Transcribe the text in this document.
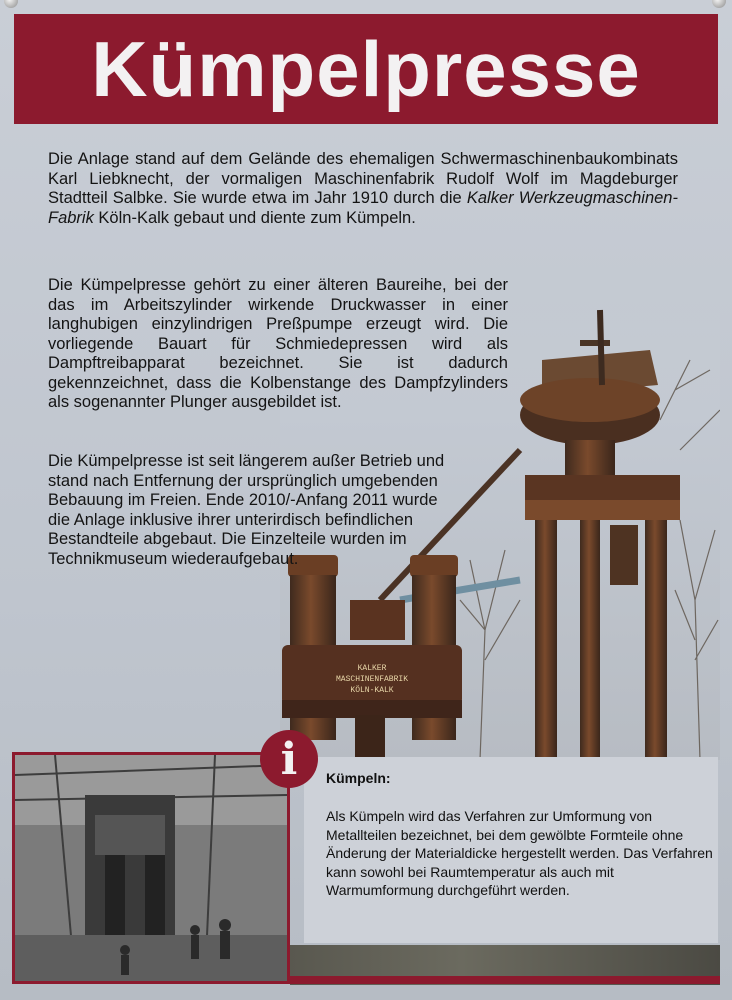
Kümpelpresse
KALKER
MASCHINENFABRIK
KÖLN-KALK

Die Anlage stand auf dem Gelände des ehemaligen Schwermaschinenbaukombinats Karl Liebknecht, der vormaligen Maschinenfabrik Rudolf Wolf im Magdeburger Stadtteil Salbke. Sie wurde etwa im Jahr 1910 durch die Kalker Werkzeugmaschinen-Fabrik Köln-Kalk gebaut und diente zum Kümpeln.

Die Kümpelpresse gehört zu einer älteren Baureihe, bei der das im Arbeitszylinder wirkende Druckwasser in einer langhubigen einzylindrigen Preßpumpe erzeugt wird. Die vorliegende Bauart für Schmiedepressen wird als Dampftreibapparat bezeichnet. Sie ist dadurch gekennzeichnet, dass die Kolbenstange des Dampfzylinders als sogenannter Plunger ausgebildet ist.

Die Kümpelpresse ist seit längerem außer Betrieb und stand nach Entfernung der ursprünglich umgebenden Bebauung im Freien. Ende 2010/-Anfang 2011 wurde die Anlage inklusive ihrer unterirdisch befindlichen Bestandteile abgebaut. Die Einzelteile wurden im Technikmuseum wiederaufgebaut.

i	Kümpeln:
Als Kümpeln wird das Verfahren zur Umformung von Metallteilen bezeichnet, bei dem gewölbte Formteile ohne Änderung der Materialdicke hergestellt werden. Das Verfahren kann sowohl bei Raumtemperatur als auch mit Warmumformung durchgeführt werden.
